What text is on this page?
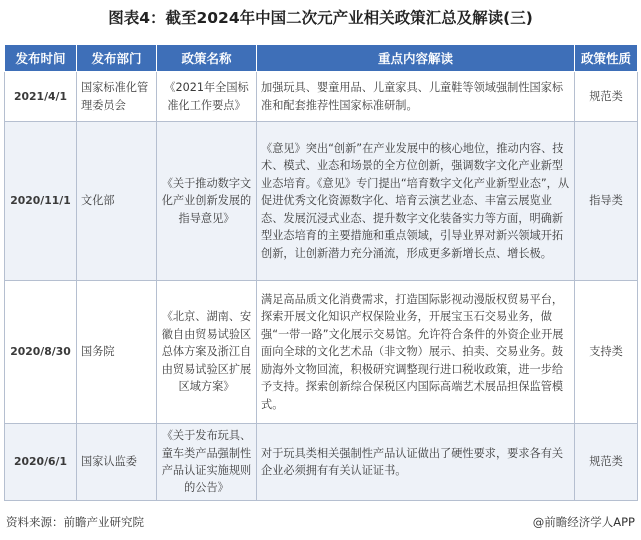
图表4：截至2024年中国二次元产业相关政策汇总及解读(三)
发布时间	发布部门	政策名称	重点内容解读	政策性质
2021/4/1	国家标准化管理委员会	《2021年全国标准化工作要点》	加强玩具、婴童用品、儿童家具、儿童鞋等领域强制性国家标准和配套推荐性国家标准研制。	规范类
2020/11/1	文化部	《关于推动数字文化产业创新发展的指导意见》	《意见》突出“创新”在产业发展中的核心地位，推动内容、技术、模式、业态和场景的全方位创新，强调数字文化产业新型业态培育。《意见》专门提出“培育数字文化产业新型业态”，从促进优秀文化资源数字化、培育云演艺业态、丰富云展览业态、发展沉浸式业态、提升数字文化装备实力等方面，明确新型业态培育的主要措施和重点领域，引导业界对新兴领域开拓创新，让创新潜力充分涌流，形成更多新增长点、增长极。	指导类
2020/8/30	国务院	《北京、湖南、安徽自由贸易试验区总体方案及浙江自由贸易试验区扩展区域方案》	满足高品质文化消费需求，打造国际影视动漫版权贸易平台，探索开展文化知识产权保险业务，开展宝玉石交易业务，做强“一带一路”文化展示交易馆。允许符合条件的外资企业开展面向全球的文化艺术品（非文物）展示、拍卖、交易业务。鼓励海外文物回流，积极研究调整现行进口税收政策，进一步给予支持。探索创新综合保税区内国际高端艺术展品担保监管模式。	支持类
2020/6/1	国家认监委	《关于发布玩具、童车类产品强制性产品认证实施规则的公告》	对于玩具类相关强制性产品认证做出了硬性要求，要求各有关企业必须拥有有关认证证书。	规范类
资料来源：前瞻产业研究院	@前瞻经济学人APP
